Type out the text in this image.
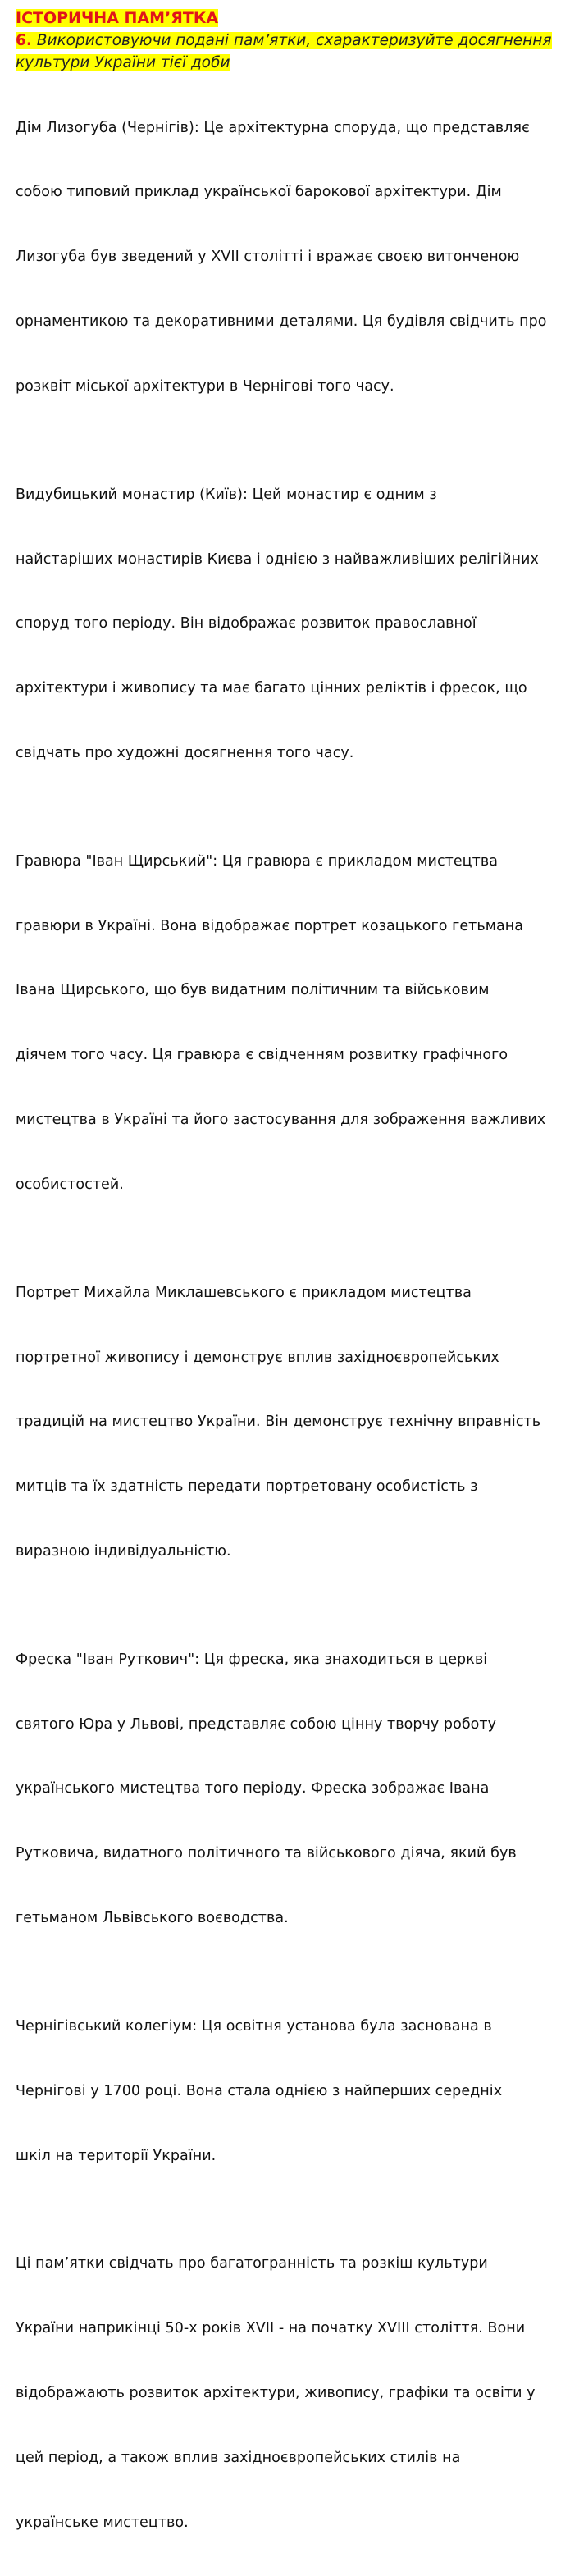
ІСТОРИЧНА ПАМ’ЯТКА
6. Використовуючи подані пам’ятки, схарактеризуйте досягнення
культури України тієї доби

Дім Лизогуба (Чернігів): Це архітектурна споруда, що представляє

собою типовий приклад української барокової архітектури. Дім

Лизогуба був зведений у XVII столітті і вражає своєю витонченою

орнаментикою та декоративними деталями. Ця будівля свідчить про

розквіт міської архітектури в Чернігові того часу.

Видубицький монастир (Київ): Цей монастир є одним з

найстаріших монастирів Києва і однією з найважливіших релігійних

споруд того періоду. Він відображає розвиток православної

архітектури і живопису та має багато цінних реліктів і фресок, що

свідчать про художні досягнення того часу.

Гравюра "Іван Щирський": Ця гравюра є прикладом мистецтва

гравюри в Україні. Вона відображає портрет козацького гетьмана

Івана Щирського, що був видатним політичним та військовим

діячем того часу. Ця гравюра є свідченням розвитку графічного

мистецтва в Україні та його застосування для зображення важливих

особистостей.

Портрет Михайла Миклашевського є прикладом мистецтва

портретної живопису і демонструє вплив західноєвропейських

традицій на мистецтво України. Він демонструє технічну вправність

митців та їх здатність передати портретовану особистість з

виразною індивідуальністю.

Фреска "Іван Руткович": Ця фреска, яка знаходиться в церкві

святого Юра у Львові, представляє собою цінну творчу роботу

українського мистецтва того періоду. Фреска зображає Івана

Рутковича, видатного політичного та військового діяча, який був

гетьманом Львівського воєводства.

Чернігівський колегіум: Ця освітня установа була заснована в

Чернігові у 1700 році. Вона стала однією з найперших середніх

шкіл на території України.

Ці пам’ятки свідчать про багатогранність та розкіш культури

України наприкінці 50-х років XVII - на початку XVIII століття. Вони

відображають розвиток архітектури, живопису, графіки та освіти у

цей період, а також вплив західноєвропейських стилів на

українське мистецтво.
